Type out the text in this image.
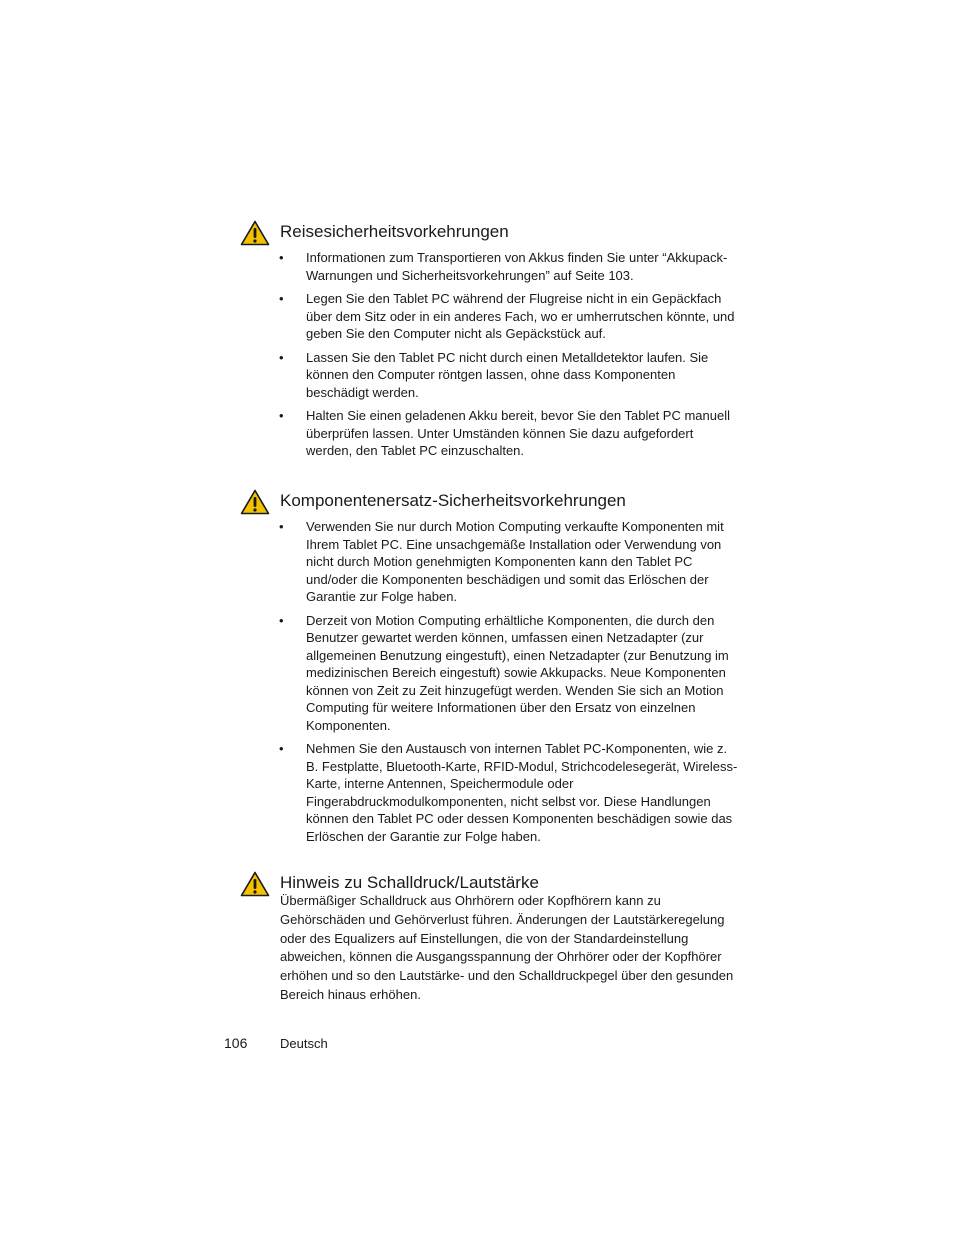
Reisesicherheitsvorkehrungen
• Informationen zum Transportieren von Akkus finden Sie unter “Akkupack-Warnungen und Sicherheitsvorkehrungen” auf Seite 103.
• Legen Sie den Tablet PC während der Flugreise nicht in ein Gepäckfach über dem Sitz oder in ein anderes Fach, wo er umherrutschen könnte, und geben Sie den Computer nicht als Gepäckstück auf.
• Lassen Sie den Tablet PC nicht durch einen Metalldetektor laufen. Sie können den Computer röntgen lassen, ohne dass Komponenten beschädigt werden.
• Halten Sie einen geladenen Akku bereit, bevor Sie den Tablet PC manuell überprüfen lassen. Unter Umständen können Sie dazu aufgefordert werden, den Tablet PC einzuschalten.
Komponentenersatz-Sicherheitsvorkehrungen
• Verwenden Sie nur durch Motion Computing verkaufte Komponenten mit Ihrem Tablet PC. Eine unsachgemäße Installation oder Verwendung von nicht durch Motion genehmigten Komponenten kann den Tablet PC und/oder die Komponenten beschädigen und somit das Erlöschen der Garantie zur Folge haben.
• Derzeit von Motion Computing erhältliche Komponenten, die durch den Benutzer gewartet werden können, umfassen einen Netzadapter (zur allgemeinen Benutzung eingestuft), einen Netzadapter (zur Benutzung im medizinischen Bereich eingestuft) sowie Akkupacks. Neue Komponenten können von Zeit zu Zeit hinzugefügt werden. Wenden Sie sich an Motion Computing für weitere Informationen über den Ersatz von einzelnen Komponenten.
• Nehmen Sie den Austausch von internen Tablet PC-Komponenten, wie z. B. Festplatte, Bluetooth-Karte, RFID-Modul, Strichcodelesegerät, Wireless-Karte, interne Antennen, Speichermodule oder Fingerabdruckmodulkomponenten, nicht selbst vor. Diese Handlungen können den Tablet PC oder dessen Komponenten beschädigen sowie das Erlöschen der Garantie zur Folge haben.
Hinweis zu Schalldruck/Lautstärke

Übermäßiger Schalldruck aus Ohrhörern oder Kopfhörern kann zu Gehörschäden und Gehörverlust führen. Änderungen der Lautstärkeregelung oder des Equalizers auf Einstellungen, die von der Standardeinstellung abweichen, können die Ausgangsspannung der Ohrhörer oder der Kopfhörer erhöhen und so den Lautstärke- und den Schalldruckpegel über den gesunden Bereich hinaus erhöhen.

106	Deutsch
